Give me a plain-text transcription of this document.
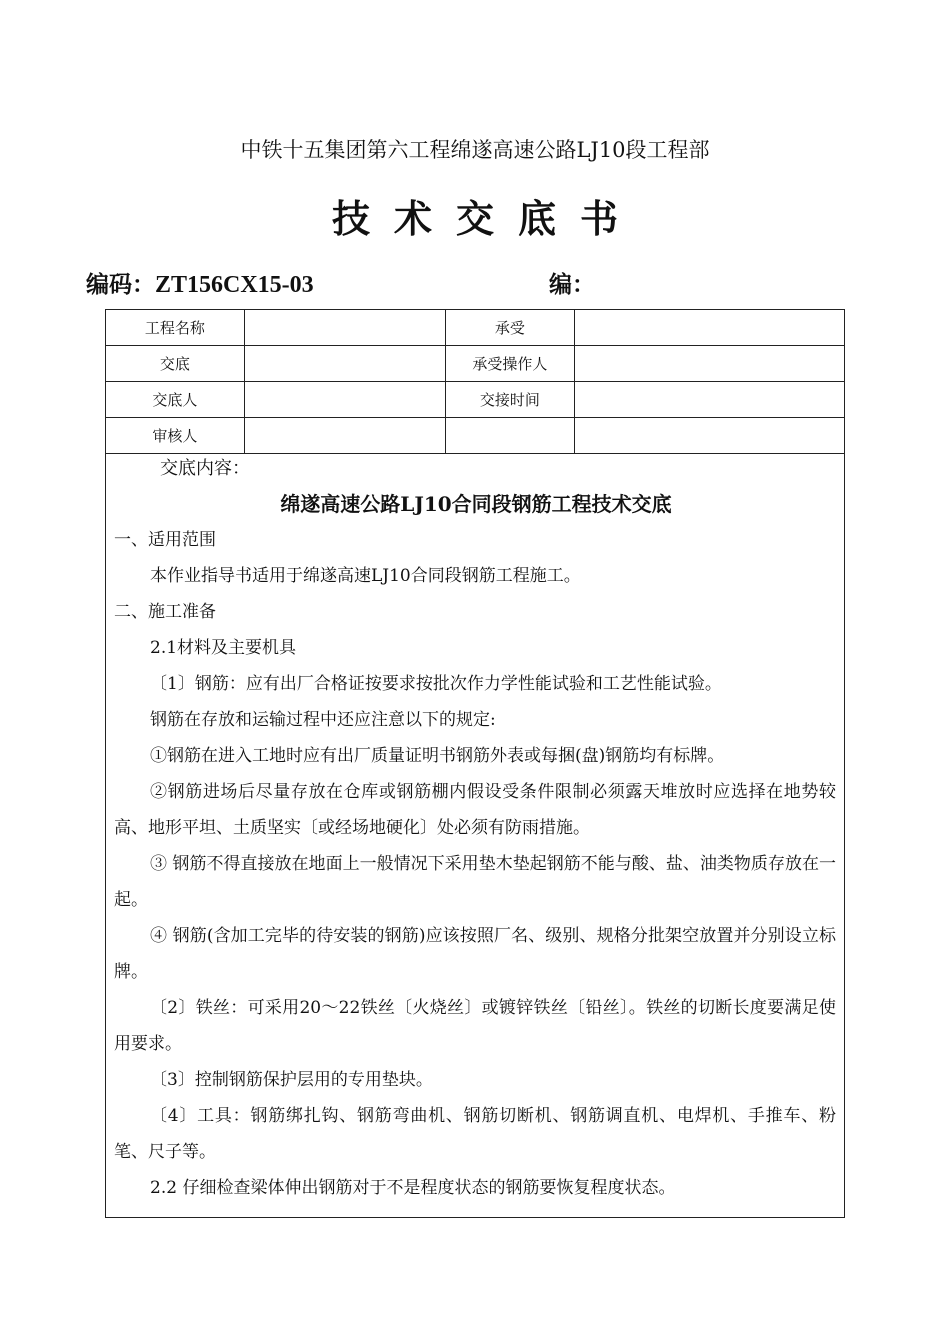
中铁十五集团第六工程绵遂高速公路LJ10段工程部
技术交底书
编码：ZT156CX15-03	编：
工程名称		承受	
交底		承受操作人	
交底人		交接时间	
审核人			
交底内容：
绵遂高速公路LJ10合同段钢筋工程技术交底

一、适用范围

本作业指导书适用于绵遂高速LJ10合同段钢筋工程施工。

二、施工准备

2.1材料及主要机具

〔1〕钢筋：应有出厂合格证按要求按批次作力学性能试验和工艺性能试验。

钢筋在存放和运输过程中还应注意以下的规定:

①钢筋在进入工地时应有出厂质量证明书钢筋外表或每捆(盘)钢筋均有标牌。

②钢筋进场后尽量存放在仓库或钢筋棚内假设受条件限制必须露天堆放时应选择在地势较高、地形平坦、土质坚实〔或经场地硬化〕处必须有防雨措施。

③ 钢筋不得直接放在地面上一般情况下采用垫木垫起钢筋不能与酸、盐、油类物质存放在一起。

④ 钢筋(含加工完毕的待安装的钢筋)应该按照厂名、级别、规格分批架空放置并分别设立标牌。

〔2〕铁丝：可采用20～22铁丝〔火烧丝〕或镀锌铁丝〔铅丝〕。铁丝的切断长度要满足使用要求。

〔3〕控制钢筋保护层用的专用垫块。

〔4〕工具：钢筋绑扎钩、钢筋弯曲机、钢筋切断机、钢筋调直机、电焊机、手推车、粉笔、尺子等。

2.2 仔细检查梁体伸出钢筋对于不是程度状态的钢筋要恢复程度状态。
